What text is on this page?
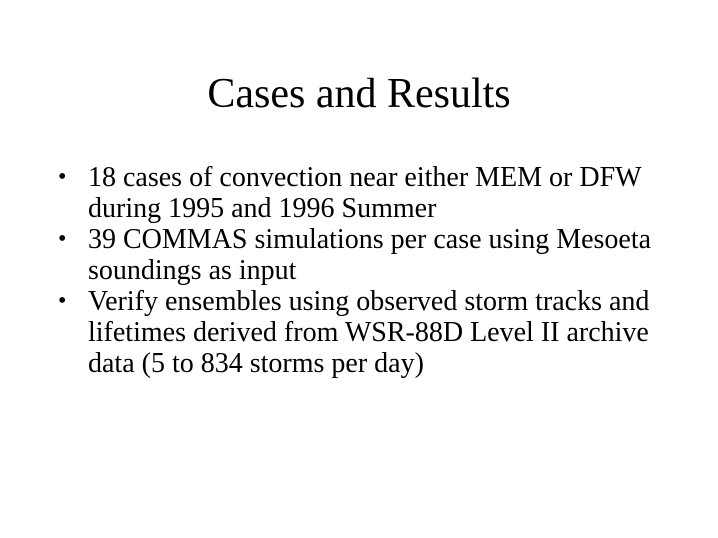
Cases and Results
• 18 cases of convection near either MEM or DFW during 1995 and 1996 Summer
• 39 COMMAS simulations per case using Mesoeta soundings as input
• Verify ensembles using observed storm tracks and lifetimes derived from WSR-88D Level II archive data (5 to 834 storms per day)
